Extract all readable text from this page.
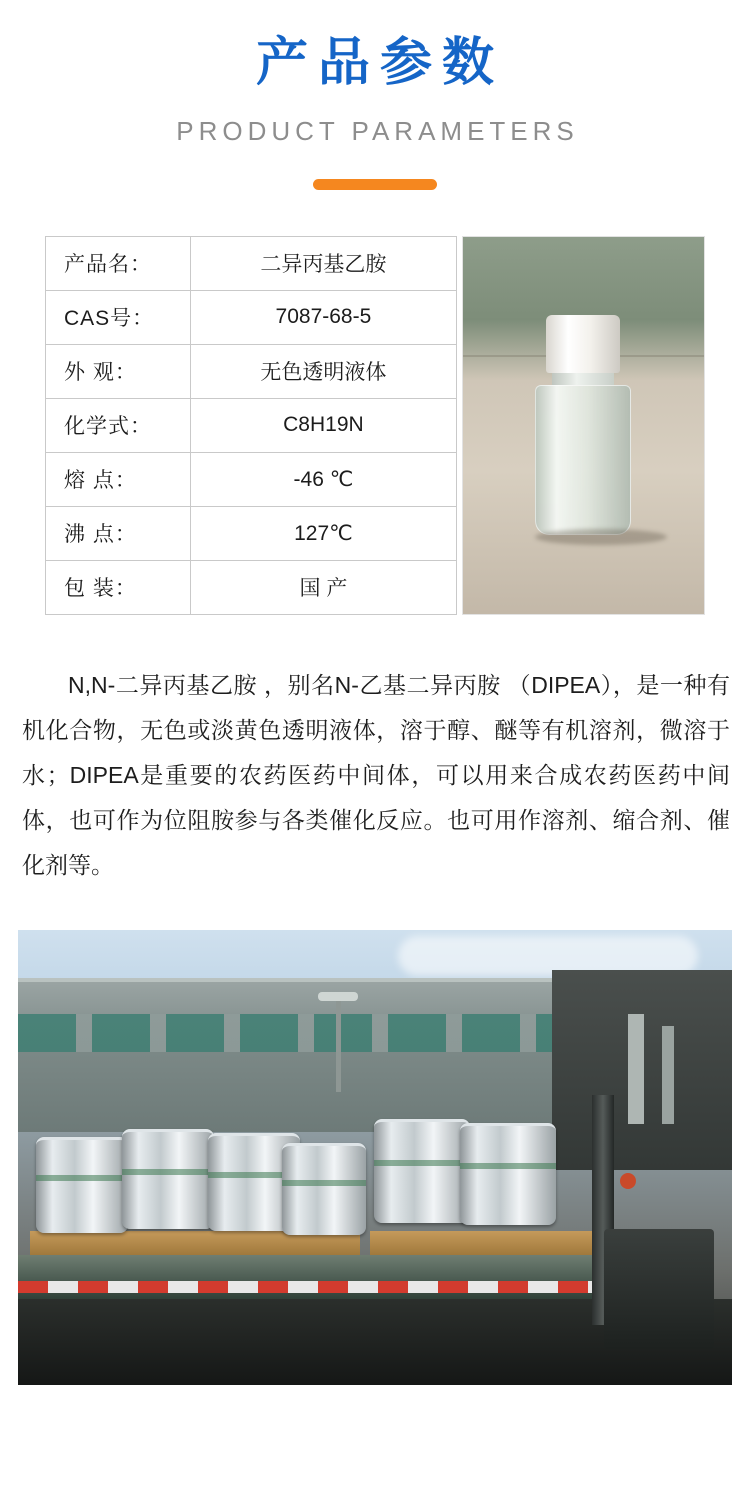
产品参数
PRODUCT PARAMETERS
产品名：	二异丙基乙胺
CAS号：	7087-68-5
外 观：	无色透明液体
化学式：	C8H19N
熔 点：	-46 ℃
沸 点：	127℃
包 装：	国 产
N,N-二异丙基乙胺 ，别名N-乙基二异丙胺 （DIPEA），是一种有机化合物，无色或淡黄色透明液体，溶于醇、醚等有机溶剂，微溶于水；DIPEA是重要的农药医药中间体，可以用来合成农药医药中间体，也可作为位阻胺参与各类催化反应。也可用作溶剂、缩合剂、催化剂等。
